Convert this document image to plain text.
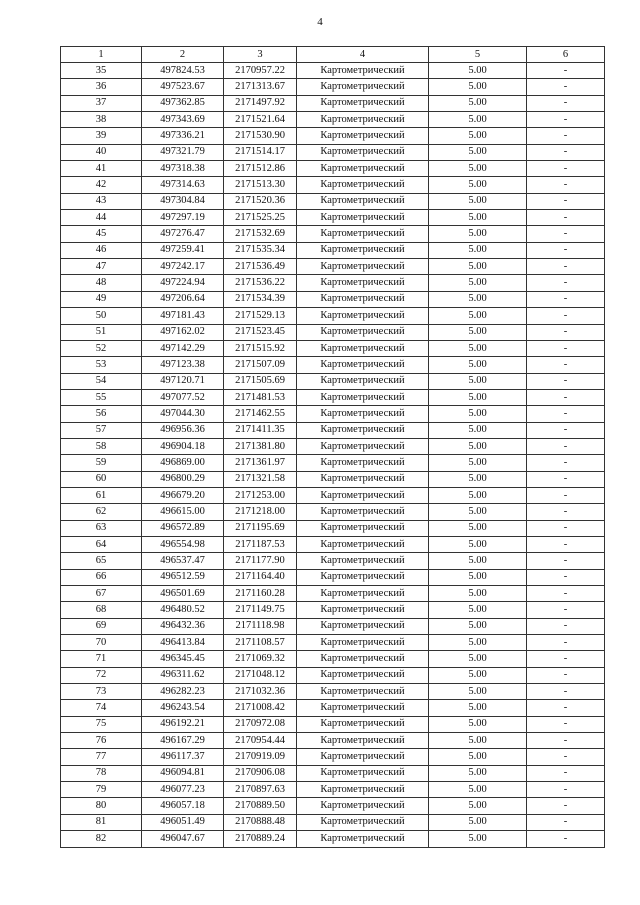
4
1	2	3	4	5	6
35	497824.53	2170957.22	Картометрический	5.00	-
36	497523.67	2171313.67	Картометрический	5.00	-
37	497362.85	2171497.92	Картометрический	5.00	-
38	497343.69	2171521.64	Картометрический	5.00	-
39	497336.21	2171530.90	Картометрический	5.00	-
40	497321.79	2171514.17	Картометрический	5.00	-
41	497318.38	2171512.86	Картометрический	5.00	-
42	497314.63	2171513.30	Картометрический	5.00	-
43	497304.84	2171520.36	Картометрический	5.00	-
44	497297.19	2171525.25	Картометрический	5.00	-
45	497276.47	2171532.69	Картометрический	5.00	-
46	497259.41	2171535.34	Картометрический	5.00	-
47	497242.17	2171536.49	Картометрический	5.00	-
48	497224.94	2171536.22	Картометрический	5.00	-
49	497206.64	2171534.39	Картометрический	5.00	-
50	497181.43	2171529.13	Картометрический	5.00	-
51	497162.02	2171523.45	Картометрический	5.00	-
52	497142.29	2171515.92	Картометрический	5.00	-
53	497123.38	2171507.09	Картометрический	5.00	-
54	497120.71	2171505.69	Картометрический	5.00	-
55	497077.52	2171481.53	Картометрический	5.00	-
56	497044.30	2171462.55	Картометрический	5.00	-
57	496956.36	2171411.35	Картометрический	5.00	-
58	496904.18	2171381.80	Картометрический	5.00	-
59	496869.00	2171361.97	Картометрический	5.00	-
60	496800.29	2171321.58	Картометрический	5.00	-
61	496679.20	2171253.00	Картометрический	5.00	-
62	496615.00	2171218.00	Картометрический	5.00	-
63	496572.89	2171195.69	Картометрический	5.00	-
64	496554.98	2171187.53	Картометрический	5.00	-
65	496537.47	2171177.90	Картометрический	5.00	-
66	496512.59	2171164.40	Картометрический	5.00	-
67	496501.69	2171160.28	Картометрический	5.00	-
68	496480.52	2171149.75	Картометрический	5.00	-
69	496432.36	2171118.98	Картометрический	5.00	-
70	496413.84	2171108.57	Картометрический	5.00	-
71	496345.45	2171069.32	Картометрический	5.00	-
72	496311.62	2171048.12	Картометрический	5.00	-
73	496282.23	2171032.36	Картометрический	5.00	-
74	496243.54	2171008.42	Картометрический	5.00	-
75	496192.21	2170972.08	Картометрический	5.00	-
76	496167.29	2170954.44	Картометрический	5.00	-
77	496117.37	2170919.09	Картометрический	5.00	-
78	496094.81	2170906.08	Картометрический	5.00	-
79	496077.23	2170897.63	Картометрический	5.00	-
80	496057.18	2170889.50	Картометрический	5.00	-
81	496051.49	2170888.48	Картометрический	5.00	-
82	496047.67	2170889.24	Картометрический	5.00	-
